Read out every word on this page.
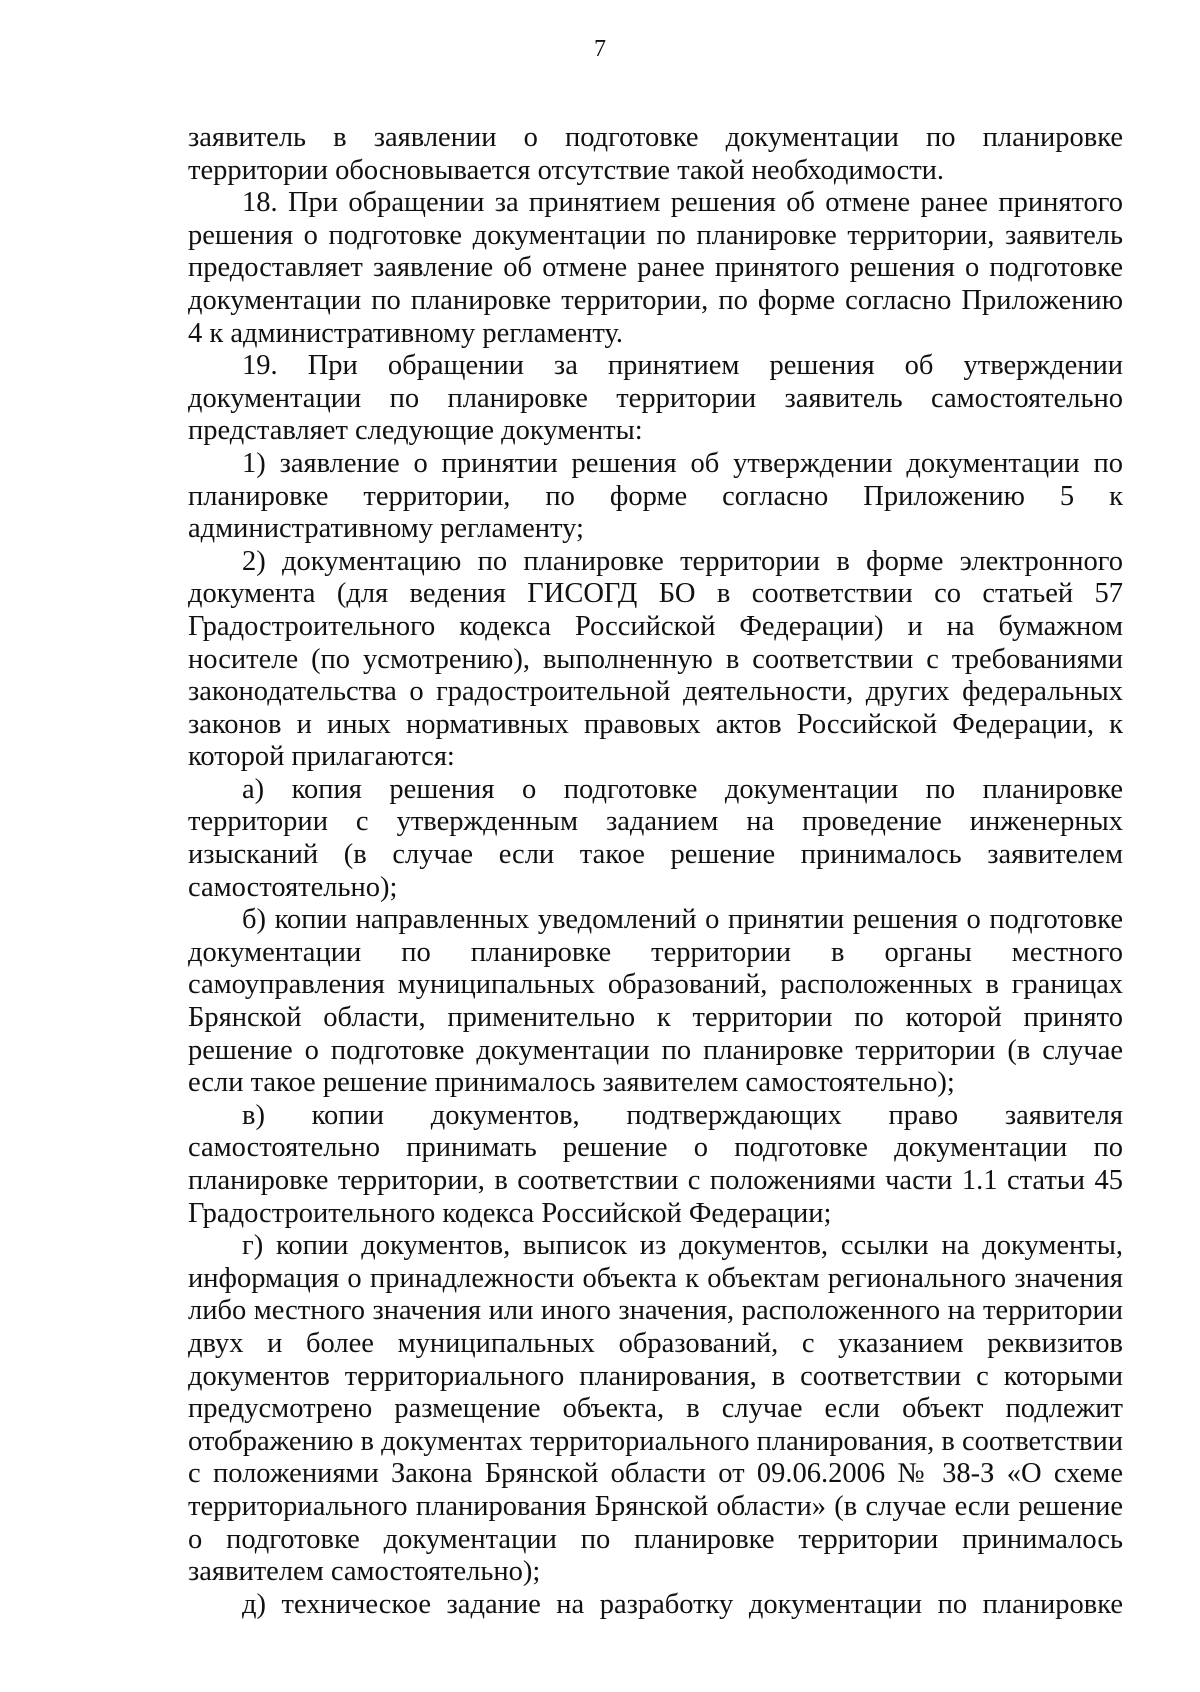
7

заявитель в заявлении о подготовке документации по планировке территории обосновывается отсутствие такой необходимости.

18. При обращении за принятием решения об отмене ранее принятого решения о подготовке документации по планировке территории, заявитель предоставляет заявление об отмене ранее принятого решения о подготовке документации по планировке территории, по форме согласно Приложению 4 к административному регламенту.

19. При обращении за принятием решения об утверждении документации по планировке территории заявитель самостоятельно представляет следующие документы:

1) заявление о принятии решения об утверждении документации по планировке территории, по форме согласно Приложению 5 к административному регламенту;

2) документацию по планировке территории в форме электронного документа (для ведения ГИСОГД БО в соответствии со статьей 57 Градостроительного кодекса Российской Федерации) и на бумажном носителе (по усмотрению), выполненную в соответствии с требованиями законодательства о градостроительной деятельности, других федеральных законов и иных нормативных правовых актов Российской Федерации, к которой прилагаются:

а) копия решения о подготовке документации по планировке территории с утвержденным заданием на проведение инженерных изысканий (в случае если такое решение принималось заявителем самостоятельно);

б) копии направленных уведомлений о принятии решения о подготовке документации по планировке территории в органы местного самоуправления муниципальных образований, расположенных в границах Брянской области, применительно к территории по которой принято решение о подготовке документации по планировке территории (в случае если такое решение принималось заявителем самостоятельно);

в) копии документов, подтверждающих право заявителя самостоятельно принимать решение о подготовке документации по планировке территории, в соответствии с положениями части 1.1 статьи 45 Градостроительного кодекса Российской Федерации;

г) копии документов, выписок из документов, ссылки на документы, информация о принадлежности объекта к объектам регионального значения либо местного значения или иного значения, расположенного на территории двух и более муниципальных образований, с указанием реквизитов документов территориального планирования, в соответствии с которыми предусмотрено размещение объекта, в случае если объект подлежит отображению в документах территориального планирования, в соответствии с положениями Закона Брянской области от 09.06.2006 № 38-З «О схеме территориального планирования Брянской области» (в случае если решение о подготовке документации по планировке территории принималось заявителем самостоятельно);

д) техническое задание на разработку документации по планировке
